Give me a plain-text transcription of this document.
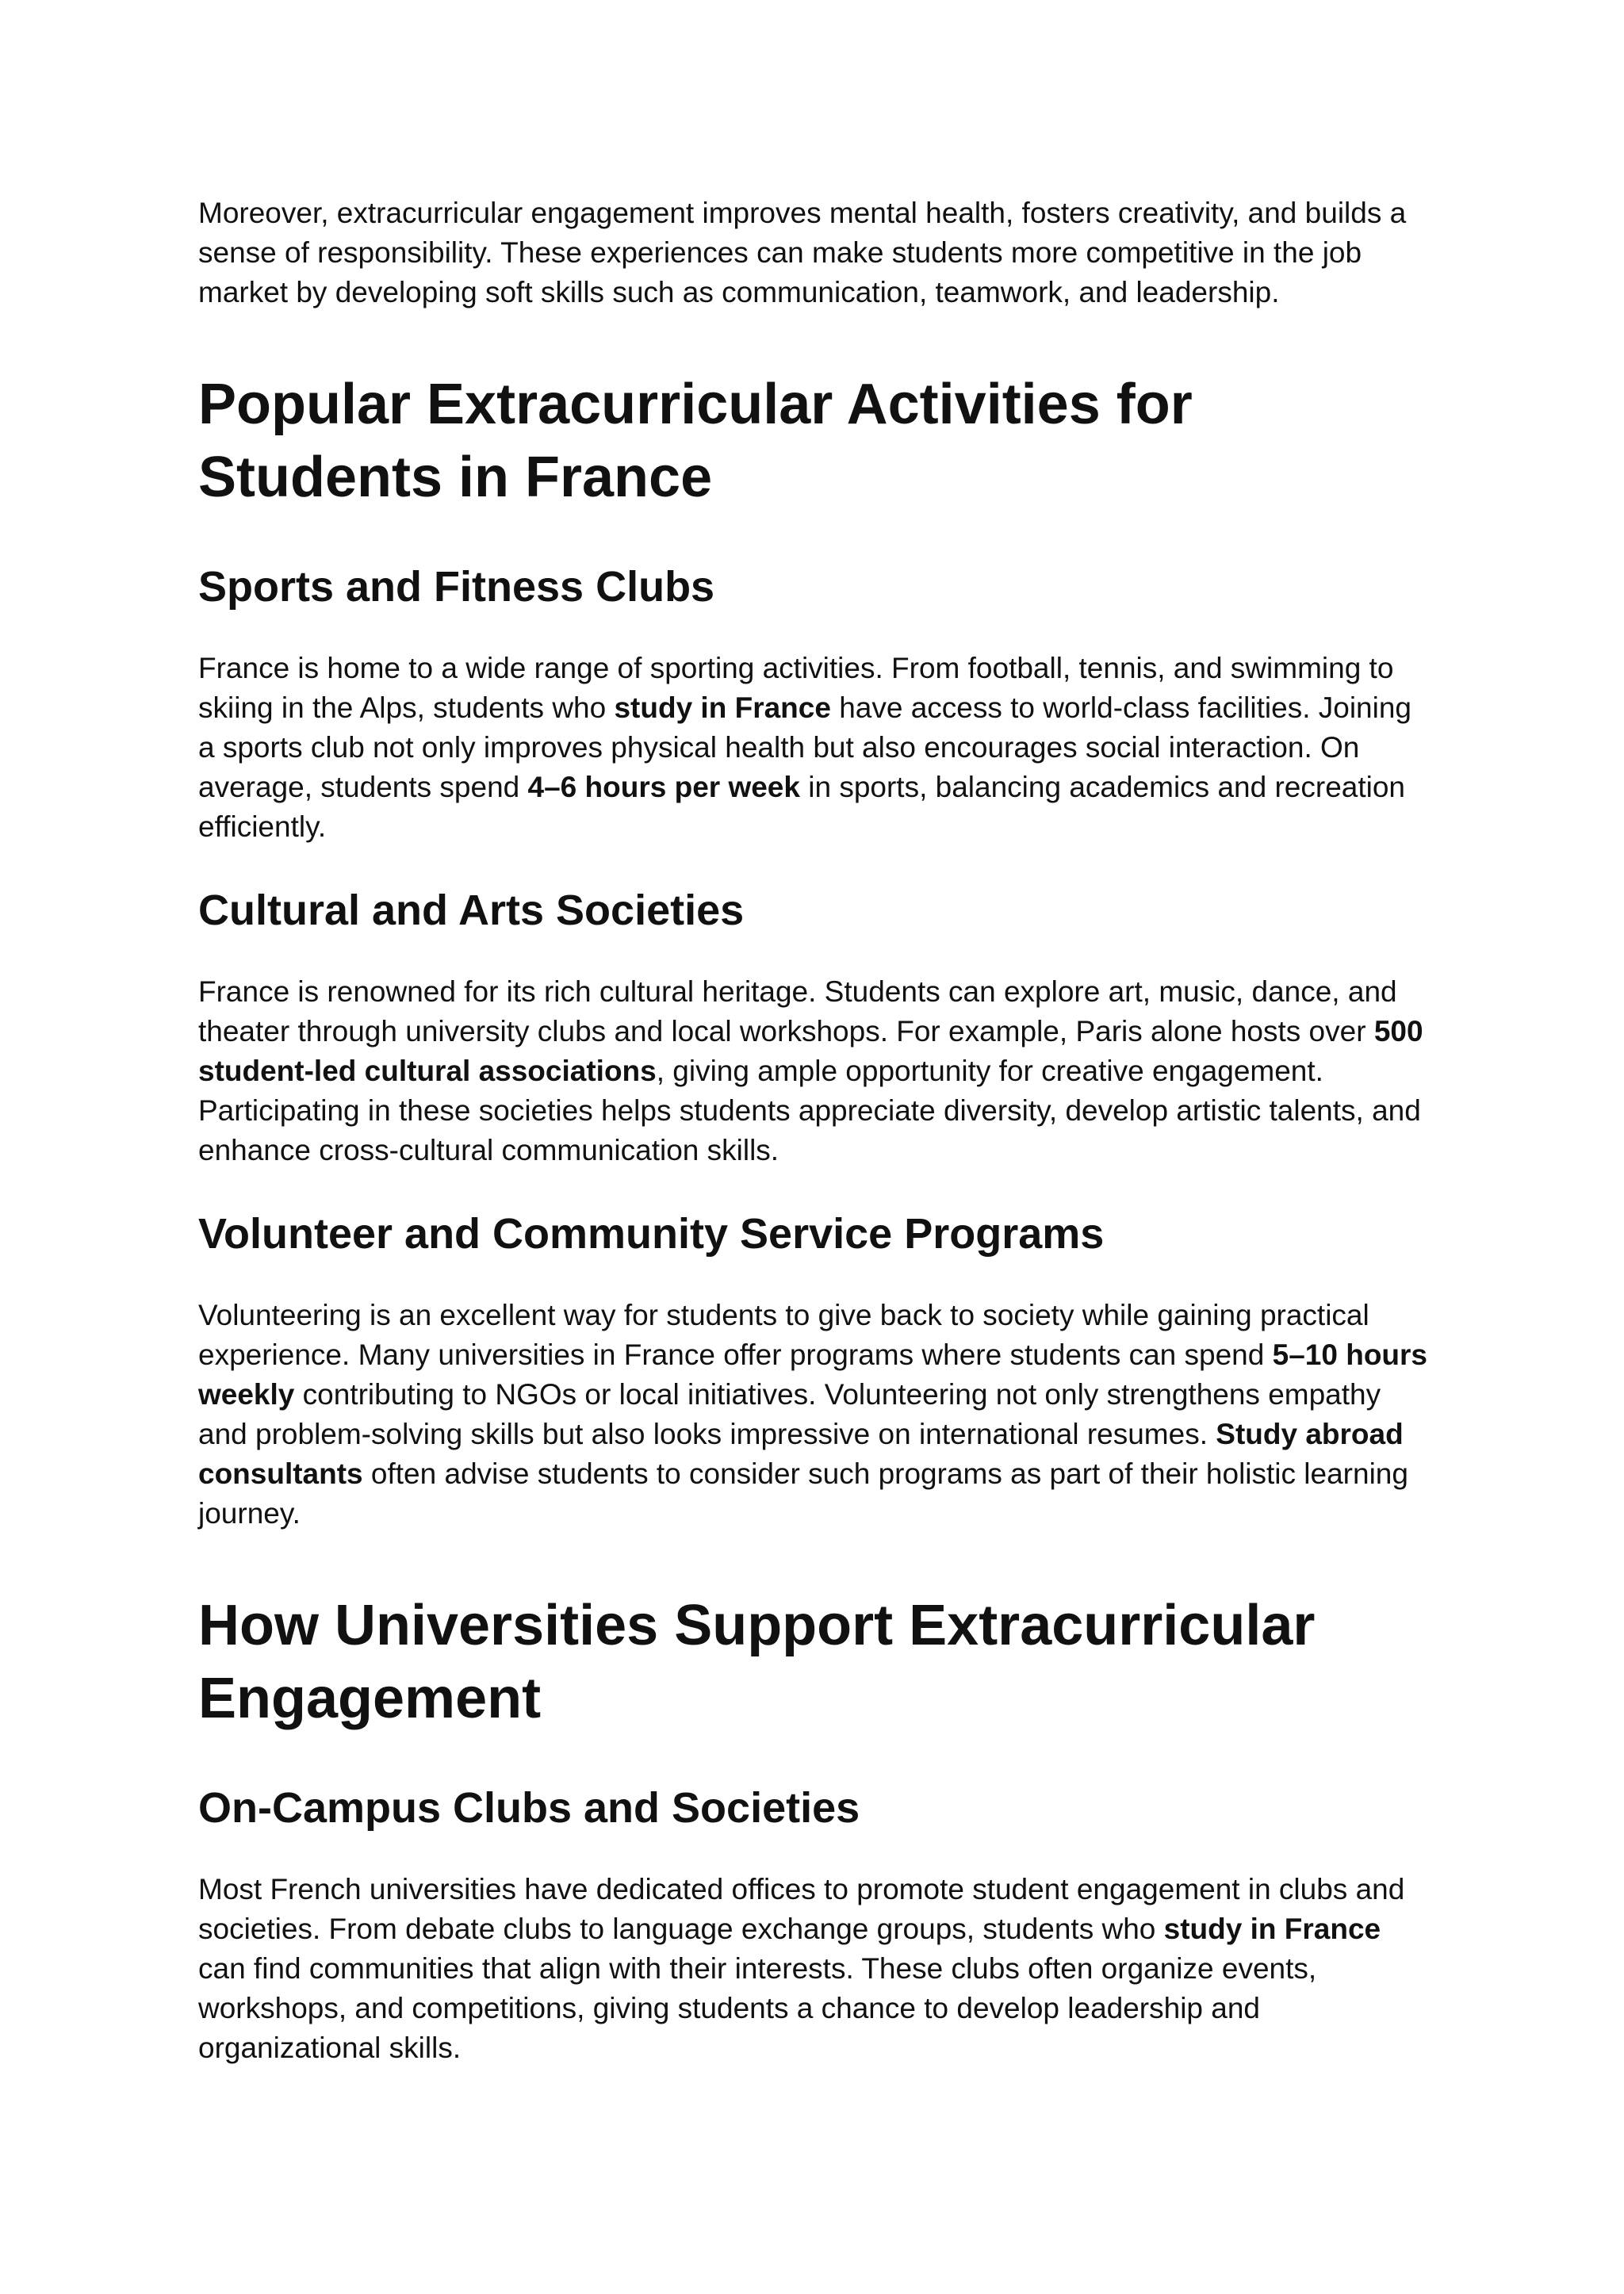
Moreover, extracurricular engagement improves mental health, fosters creativity, and builds a sense of responsibility. These experiences can make students more competitive in the job market by developing soft skills such as communication, teamwork, and leadership.

Popular Extracurricular Activities for Students in France
Sports and Fitness Clubs

France is home to a wide range of sporting activities. From football, tennis, and swimming to skiing in the Alps, students who study in France have access to world-class facilities. Joining a sports club not only improves physical health but also encourages social interaction. On average, students spend 4–6 hours per week in sports, balancing academics and recreation efficiently.

Cultural and Arts Societies

France is renowned for its rich cultural heritage. Students can explore art, music, dance, and theater through university clubs and local workshops. For example, Paris alone hosts over 500 student-led cultural associations, giving ample opportunity for creative engagement. Participating in these societies helps students appreciate diversity, develop artistic talents, and enhance cross-cultural communication skills.

Volunteer and Community Service Programs

Volunteering is an excellent way for students to give back to society while gaining practical experience. Many universities in France offer programs where students can spend 5–10 hours weekly contributing to NGOs or local initiatives. Volunteering not only strengthens empathy and problem-solving skills but also looks impressive on international resumes. Study abroad consultants often advise students to consider such programs as part of their holistic learning journey.

How Universities Support Extracurricular Engagement
On-Campus Clubs and Societies

Most French universities have dedicated offices to promote student engagement in clubs and societies. From debate clubs to language exchange groups, students who study in France can find communities that align with their interests. These clubs often organize events, workshops, and competitions, giving students a chance to develop leadership and organizational skills.
